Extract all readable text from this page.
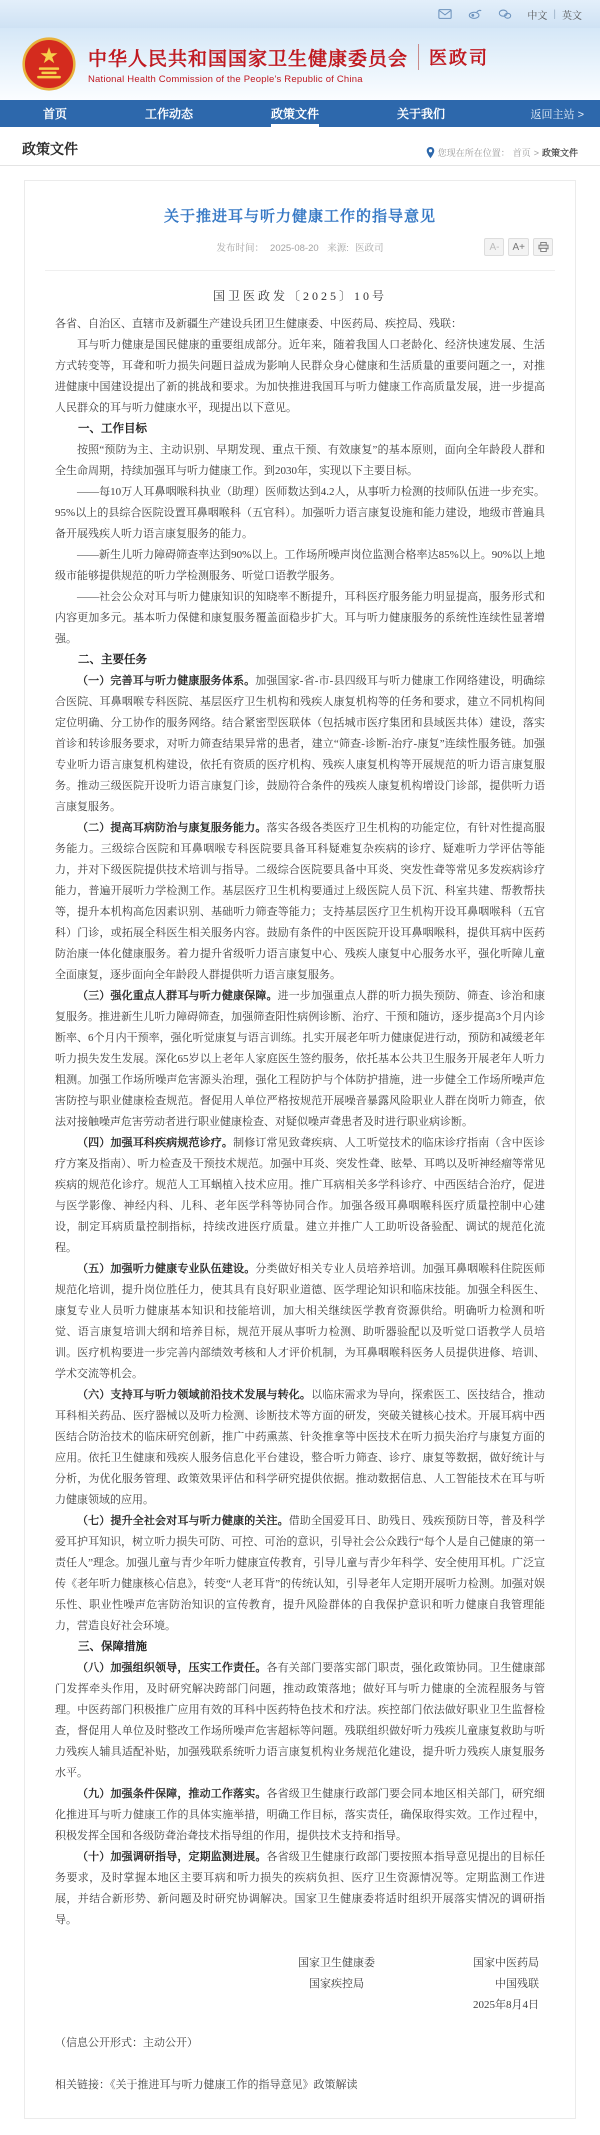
中文 | 英文
中华人民共和国国家卫生健康委员会 医政司
National Health Commission of the People's Republic of China
首页	工作动态	政策文件	关于我们	返回主站 >
政策文件	您现在所在位置： 首页 > 政策文件
关于推进耳与听力健康工作的指导意见
发布时间： 2025-08-20 来源: 医政司	A-	A+
国卫医政发〔2025〕10号

各省、自治区、直辖市及新疆生产建设兵团卫生健康委、中医药局、疾控局、残联：

耳与听力健康是国民健康的重要组成部分。近年来，随着我国人口老龄化、经济快速发展、生活方式转变等，耳聋和听力损失问题日益成为影响人民群众身心健康和生活质量的重要问题之一，对推进健康中国建设提出了新的挑战和要求。为加快推进我国耳与听力健康工作高质量发展，进一步提高人民群众的耳与听力健康水平，现提出以下意见。

一、工作目标

按照“预防为主、主动识别、早期发现、重点干预、有效康复”的基本原则，面向全年龄段人群和全生命周期，持续加强耳与听力健康工作。到2030年，实现以下主要目标。

——每10万人耳鼻咽喉科执业（助理）医师数达到4.2人，从事听力检测的技师队伍进一步充实。95%以上的县综合医院设置耳鼻咽喉科（五官科）。加强听力语言康复设施和能力建设，地级市普遍具备开展残疾人听力语言康复服务的能力。

——新生儿听力障碍筛查率达到90%以上。工作场所噪声岗位监测合格率达85%以上。90%以上地级市能够提供规范的听力学检测服务、听觉口语教学服务。

——社会公众对耳与听力健康知识的知晓率不断提升，耳科医疗服务能力明显提高，服务形式和内容更加多元。基本听力保健和康复服务覆盖面稳步扩大。耳与听力健康服务的系统性连续性显著增强。

二、主要任务

（一）完善耳与听力健康服务体系。加强国家-省-市-县四级耳与听力健康工作网络建设，明确综合医院、耳鼻咽喉专科医院、基层医疗卫生机构和残疾人康复机构等的任务和要求，建立不同机构间定位明确、分工协作的服务网络。结合紧密型医联体（包括城市医疗集团和县域医共体）建设，落实首诊和转诊服务要求，对听力筛查结果异常的患者，建立“筛查-诊断-治疗-康复”连续性服务链。加强专业听力语言康复机构建设，依托有资质的医疗机构、残疾人康复机构等开展规范的听力语言康复服务。推动三级医院开设听力语言康复门诊，鼓励符合条件的残疾人康复机构增设门诊部，提供听力语言康复服务。

（二）提高耳病防治与康复服务能力。落实各级各类医疗卫生机构的功能定位，有针对性提高服务能力。三级综合医院和耳鼻咽喉专科医院要具备耳科疑难复杂疾病的诊疗、疑难听力学评估等能力，并对下级医院提供技术培训与指导。二级综合医院要具备中耳炎、突发性聋等常见多发疾病诊疗能力，普遍开展听力学检测工作。基层医疗卫生机构要通过上级医院人员下沉、科室共建、帮教帮扶等，提升本机构高危因素识别、基础听力筛查等能力；支持基层医疗卫生机构开设耳鼻咽喉科（五官科）门诊，或拓展全科医生相关服务内容。鼓励有条件的中医医院开设耳鼻咽喉科，提供耳病中医药防治康一体化健康服务。着力提升省级听力语言康复中心、残疾人康复中心服务水平，强化听障儿童全面康复，逐步面向全年龄段人群提供听力语言康复服务。

（三）强化重点人群耳与听力健康保障。进一步加强重点人群的听力损失预防、筛查、诊治和康复服务。推进新生儿听力障碍筛查，加强筛查阳性病例诊断、治疗、干预和随访，逐步提高3个月内诊断率、6个月内干预率，强化听觉康复与语言训练。扎实开展老年听力健康促进行动，预防和减缓老年听力损失发生发展。深化65岁以上老年人家庭医生签约服务，依托基本公共卫生服务开展老年人听力粗测。加强工作场所噪声危害源头治理，强化工程防护与个体防护措施，进一步健全工作场所噪声危害防控与职业健康检查规范。督促用人单位严格按规范开展噪音暴露风险职业人群在岗听力筛查，依法对接触噪声危害劳动者进行职业健康检查、对疑似噪声聋患者及时进行职业病诊断。

（四）加强耳科疾病规范诊疗。制修订常见致聋疾病、人工听觉技术的临床诊疗指南（含中医诊疗方案及指南）、听力检查及干预技术规范。加强中耳炎、突发性聋、眩晕、耳鸣以及听神经瘤等常见疾病的规范化诊疗。规范人工耳蜗植入技术应用。推广耳病相关多学科诊疗、中西医结合治疗，促进与医学影像、神经内科、儿科、老年医学科等协同合作。加强各级耳鼻咽喉科医疗质量控制中心建设，制定耳病质量控制指标，持续改进医疗质量。建立并推广人工助听设备验配、调试的规范化流程。

（五）加强听力健康专业队伍建设。分类做好相关专业人员培养培训。加强耳鼻咽喉科住院医师规范化培训，提升岗位胜任力，使其具有良好职业道德、医学理论知识和临床技能。加强全科医生、康复专业人员听力健康基本知识和技能培训，加大相关继续医学教育资源供给。明确听力检测和听觉、语言康复培训大纲和培养目标，规范开展从事听力检测、助听器验配以及听觉口语教学人员培训。医疗机构要进一步完善内部绩效考核和人才评价机制，为耳鼻咽喉科医务人员提供进修、培训、学术交流等机会。

（六）支持耳与听力领域前沿技术发展与转化。以临床需求为导向，探索医工、医技结合，推动耳科相关药品、医疗器械以及听力检测、诊断技术等方面的研发，突破关键核心技术。开展耳病中西医结合防治技术的临床研究创新，推广中药熏蒸、针灸推拿等中医技术在听力损失治疗与康复方面的应用。依托卫生健康和残疾人服务信息化平台建设，整合听力筛查、诊疗、康复等数据，做好统计与分析，为优化服务管理、政策效果评估和科学研究提供依据。推动数据信息、人工智能技术在耳与听力健康领域的应用。

（七）提升全社会对耳与听力健康的关注。借助全国爱耳日、助残日、残疾预防日等，普及科学爱耳护耳知识，树立听力损失可防、可控、可治的意识，引导社会公众践行“每个人是自己健康的第一责任人”理念。加强儿童与青少年听力健康宣传教育，引导儿童与青少年科学、安全使用耳机。广泛宣传《老年听力健康核心信息》，转变“人老耳背”的传统认知，引导老年人定期开展听力检测。加强对娱乐性、职业性噪声危害防治知识的宣传教育，提升风险群体的自我保护意识和听力健康自我管理能力，营造良好社会环境。

三、保障措施

（八）加强组织领导，压实工作责任。各有关部门要落实部门职责，强化政策协同。卫生健康部门发挥牵头作用，及时研究解决跨部门问题，推动政策落地；做好耳与听力健康的全流程服务与管理。中医药部门积极推广应用有效的耳科中医药特色技术和疗法。疾控部门依法做好职业卫生监督检查，督促用人单位及时整改工作场所噪声危害超标等问题。残联组织做好听力残疾儿童康复救助与听力残疾人辅具适配补贴，加强残联系统听力语言康复机构业务规范化建设，提升听力残疾人康复服务水平。

（九）加强条件保障，推动工作落实。各省级卫生健康行政部门要会同本地区相关部门，研究细化推进耳与听力健康工作的具体实施举措，明确工作目标，落实责任，确保取得实效。工作过程中，积极发挥全国和各级防聋治聋技术指导组的作用，提供技术支持和指导。

（十）加强调研指导，定期监测进展。各省级卫生健康行政部门要按照本指导意见提出的目标任务要求，及时掌握本地区主要耳病和听力损失的疾病负担、医疗卫生资源情况等。定期监测工作进展，并结合新形势、新问题及时研究协调解决。国家卫生健康委将适时组织开展落实情况的调研指导。

国家卫生健康委	国家中医药局
国家疾控局	中国残联
2025年8月4日

（信息公开形式：主动公开）

相关链接：《关于推进耳与听力健康工作的指导意见》政策解读
